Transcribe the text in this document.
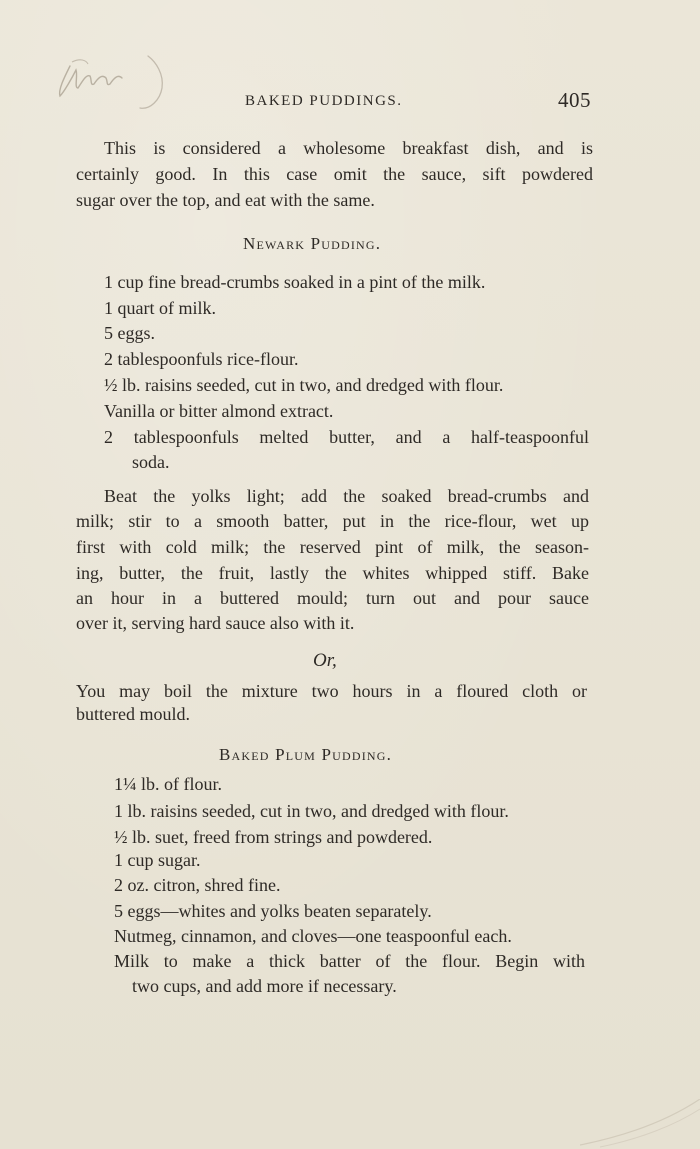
BAKED PUDDINGS.	405
This is considered a wholesome breakfast dish, and is
certainly good. In this case omit the sauce, sift powdered
sugar over the top, and eat with the same.
Newark Pudding.
1 cup fine bread-crumbs soaked in a pint of the milk.
1 quart of milk.
5 eggs.
2 tablespoonfuls rice-flour.
½ lb. raisins seeded, cut in two, and dredged with flour.
Vanilla or bitter almond extract.
2 tablespoonfuls melted butter, and a half-teaspoonful
soda.
Beat the yolks light; add the soaked bread-crumbs and
milk; stir to a smooth batter, put in the rice-flour, wet up
first with cold milk; the reserved pint of milk, the season-
ing, butter, the fruit, lastly the whites whipped stiff. Bake
an hour in a buttered mould; turn out and pour sauce
over it, serving hard sauce also with it.
Or,
You may boil the mixture two hours in a floured cloth or
buttered mould.
Baked Plum Pudding.
1¼ lb. of flour.
1 lb. raisins seeded, cut in two, and dredged with flour.
½ lb. suet, freed from strings and powdered.
1 cup sugar.
2 oz. citron, shred fine.
5 eggs—whites and yolks beaten separately.
Nutmeg, cinnamon, and cloves—one teaspoonful each.
Milk to make a thick batter of the flour. Begin with
two cups, and add more if necessary.
